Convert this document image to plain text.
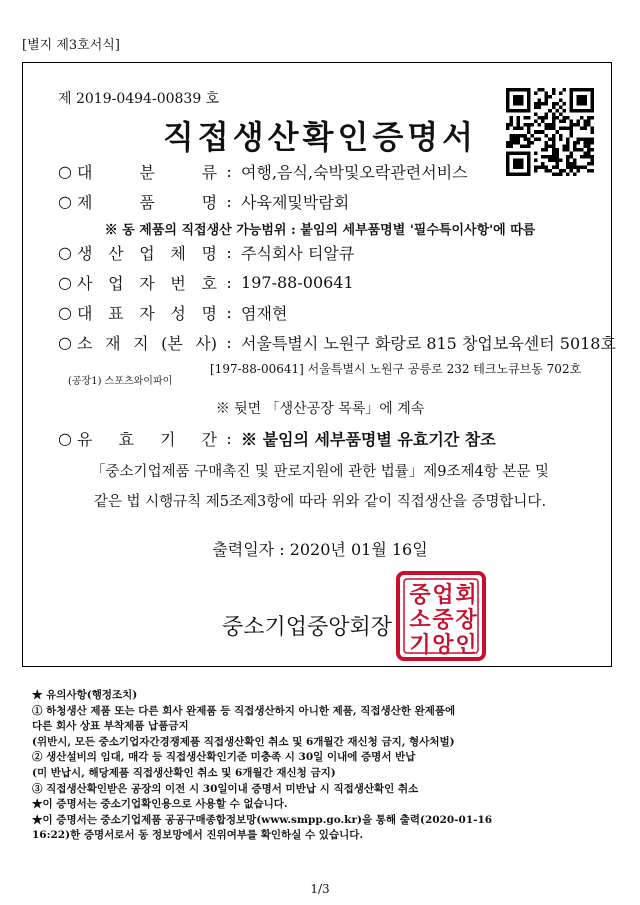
[별지 제3호서식]
제 2019-0494-00839 호
직접생산확인증명서
○ 대	분	류 : 여행,음식,숙박및오락관련서비스
○ 제	품	명 : 사육제및박람회
※ 동 제품의 직접생산 가능범위 : 붙임의 세부품명별 '필수특이사항'에 따름
○ 생 산 업 체 명 : 주식회사 티알큐
○ 사 업 자 번 호 : 197-88-00641
○ 대 표 자 성 명 : 염재현
○ 소 재 지 (본 사) : 서울특별시 노원구 화랑로 815 창업보육센터 5018호
(공장1) 스포츠와이파이
[197-88-00641] 서울특별시 노원구 공릉로 232 테크노큐브동 702호
※ 뒷면 「생산공장 목록」에 계속
○ 유 효 기 간 : ※ 붙임의 세부품명별 유효기간 참조
「중소기업제품 구매촉진 및 판로지원에 관한 법률」제9조제4항 본문 및
같은 법 시행규칙 제5조제3항에 따라 위와 같이 직접생산을 증명합니다.
출력일자 : 2020년 01월 16일
중소기업중앙회장
중
소
기
업
중
앙
회
장
인
★ 유의사항(행정조치)
① 하청생산 제품 또는 다른 회사 완제품 등 직접생산하지 아니한 제품, 직접생산한 완제품에
다른 회사 상표 부착제품 납품금지
(위반시, 모든 중소기업자간경쟁제품 직접생산확인 취소 및 6개월간 재신청 금지, 형사처벌)
② 생산설비의 임대, 매각 등 직접생산확인기준 미충족 시 30일 이내에 증명서 반납
(미 반납시, 해당제품 직접생산확인 취소 및 6개월간 재신청 금지)
③ 직접생산확인받은 공장의 이전 시 30일이내 증명서 미반납 시 직접생산확인 취소
★이 증명서는 중소기업확인용으로 사용할 수 없습니다.
★이 증명서는 중소기업제품 공공구매종합정보망(www.smpp.go.kr)을 통해 출력(2020-01-16
16:22)한 증명서로서 동 정보망에서 진위여부를 확인하실 수 있습니다.
1/3
